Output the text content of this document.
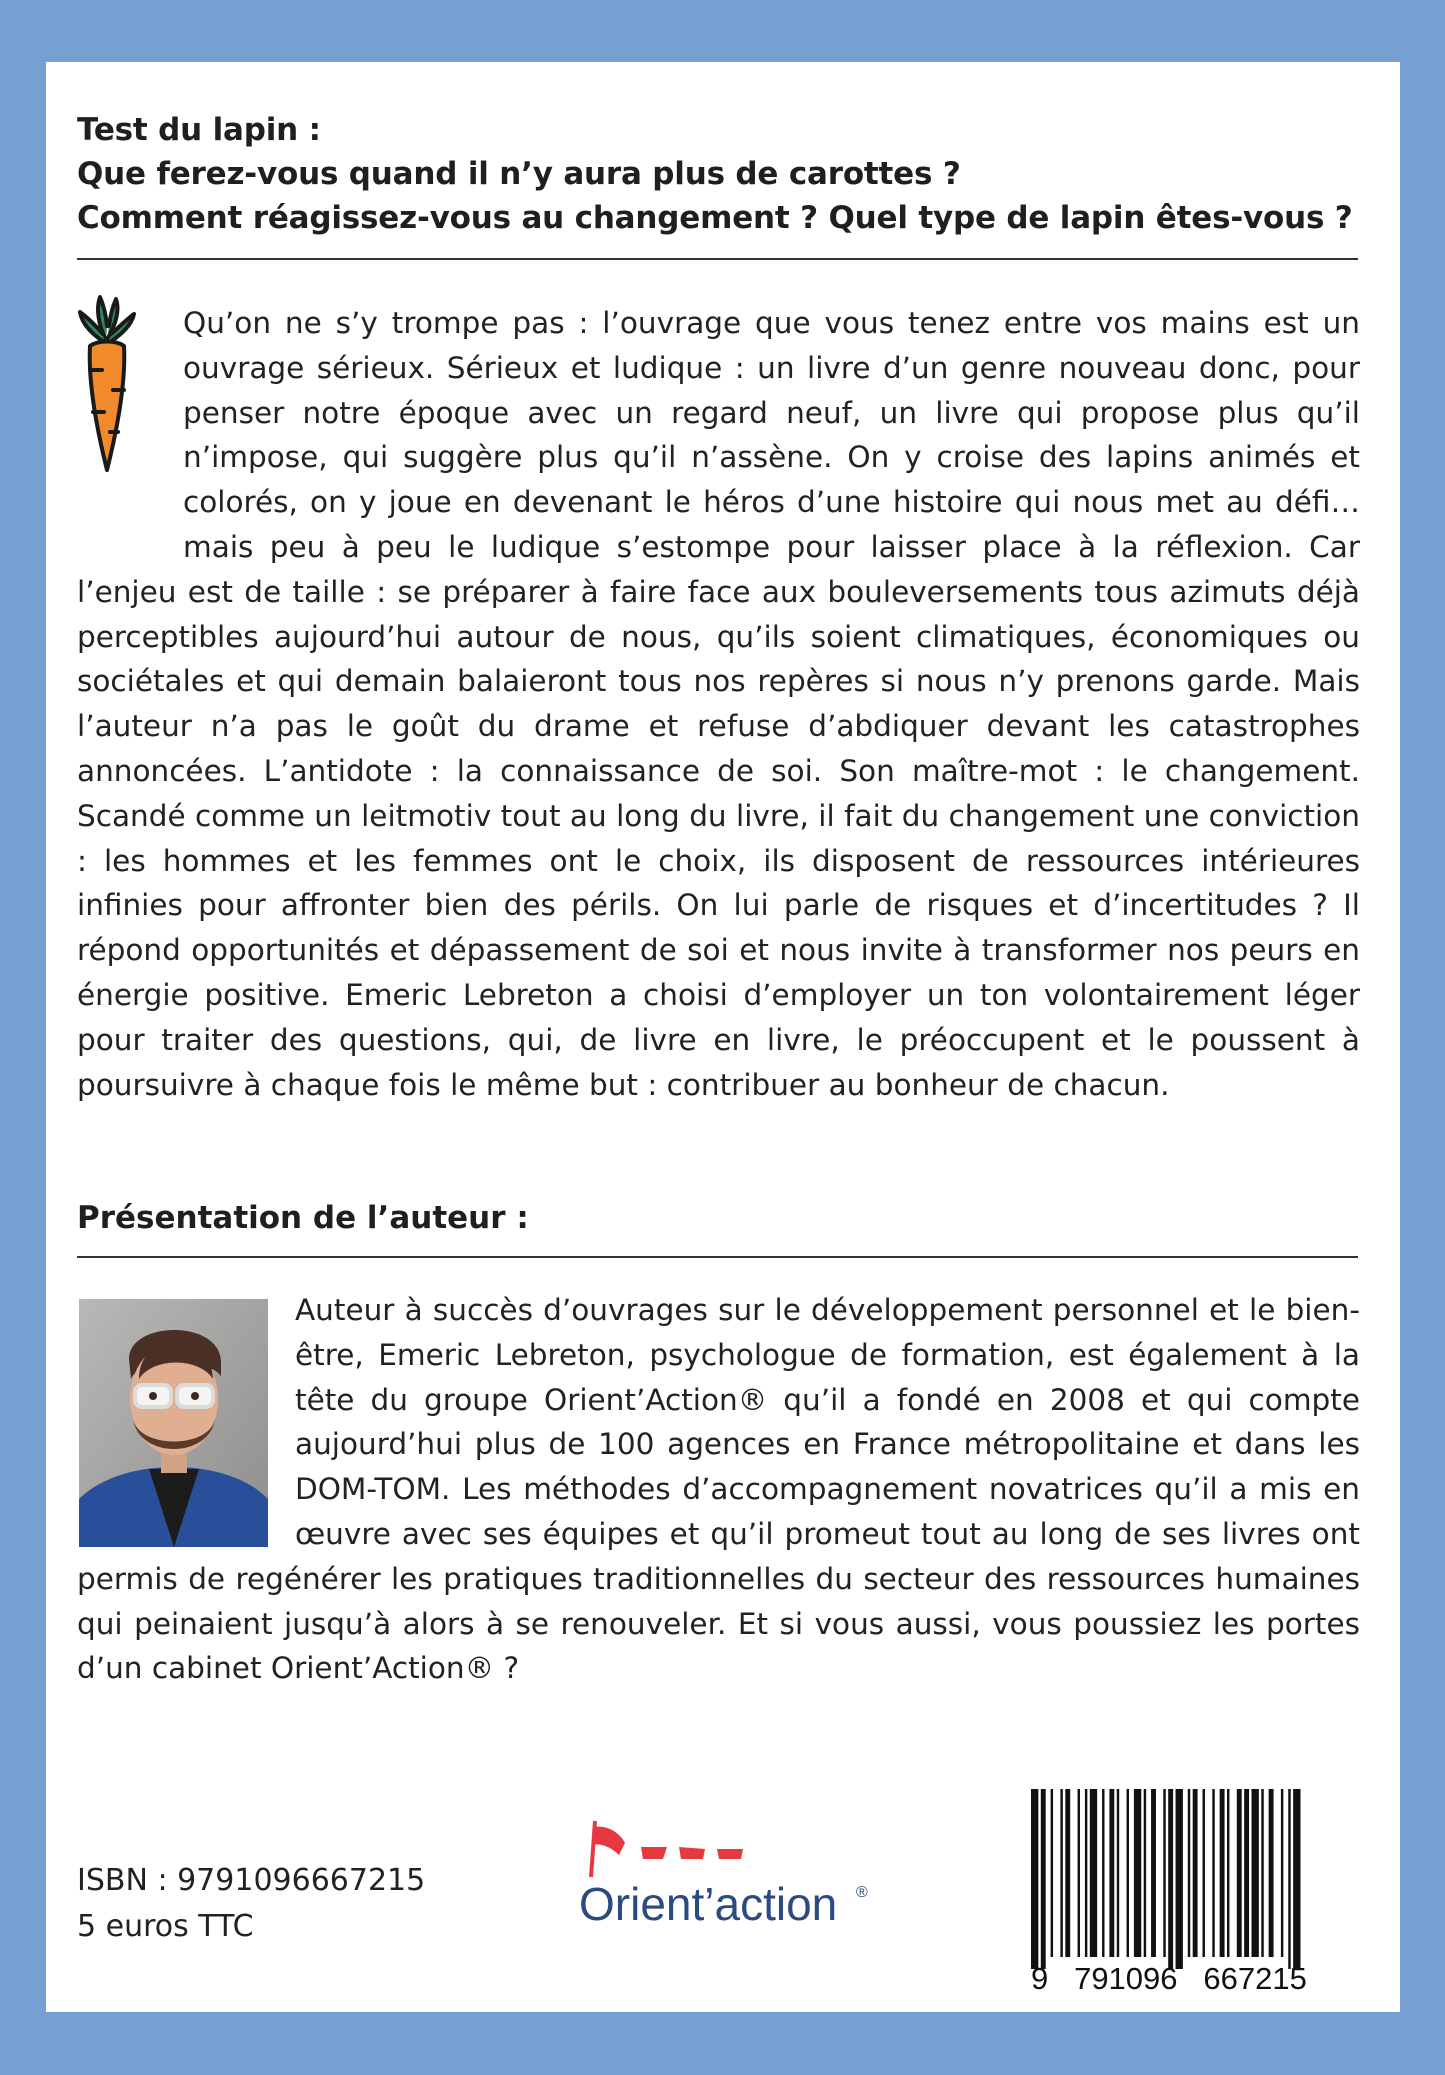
Test du lapin :
Que ferez-vous quand il n’y aura plus de carottes ?
Comment réagissez-vous au changement ? Quel type de lapin êtes-vous ?
Qu’on ne s’y trompe pas : l’ouvrage que vous tenez entre vos mains est un ouvrage sérieux. Sérieux et ludique : un livre d’un genre nouveau donc, pour penser notre époque avec un regard neuf, un livre qui propose plus qu’il n’impose, qui suggère plus qu’il n’assène. On y croise des lapins animés et colorés, on y joue en devenant le héros d’une histoire qui nous met au défi… mais peu à peu le ludique s’estompe pour laisser place à la réflexion. Car l’enjeu est de taille : se préparer à faire face aux bouleversements tous azimuts déjà perceptibles aujourd’hui autour de nous, qu’ils soient climatiques, économiques ou sociétales et qui demain balaieront tous nos repères si nous n’y prenons garde. Mais l’auteur n’a pas le goût du drame et refuse d’abdiquer devant les catastrophes annoncées. L’antidote : la connaissance de soi. Son maître-mot : le changement. Scandé comme un leitmotiv tout au long du livre, il fait du changement une conviction : les hommes et les femmes ont le choix, ils disposent de ressources intérieures infinies pour affronter bien des périls. On lui parle de risques et d’incertitudes ? Il répond opportunités et dépassement de soi et nous invite à transformer nos peurs en énergie positive. Emeric Lebreton a choisi d’employer un ton volontairement léger pour traiter des questions, qui, de livre en livre, le préoccupent et le poussent à poursuivre à chaque fois le même but : contribuer au bonheur de chacun.
Présentation de l’auteur :
Auteur à succès d’ouvrages sur le développement personnel et le bien-être, Emeric Lebreton, psychologue de formation, est également à la tête du groupe Orient’Action® qu’il a fondé en 2008 et qui compte aujourd’hui plus de 100 agences en France métropolitaine et dans les DOM-TOM. Les méthodes d’accompagnement novatrices qu’il a mis en œuvre avec ses équipes et qu’il promeut tout au long de ses livres ont permis de regénérer les pratiques traditionnelles du secteur des ressources humaines qui peinaient jusqu’à alors à se renouveler. Et si vous aussi, vous poussiez les portes d’un cabinet Orient’Action® ?
ISBN : 9791096667215
5 euros TTC	Orient’action ®
9   791096   667215
